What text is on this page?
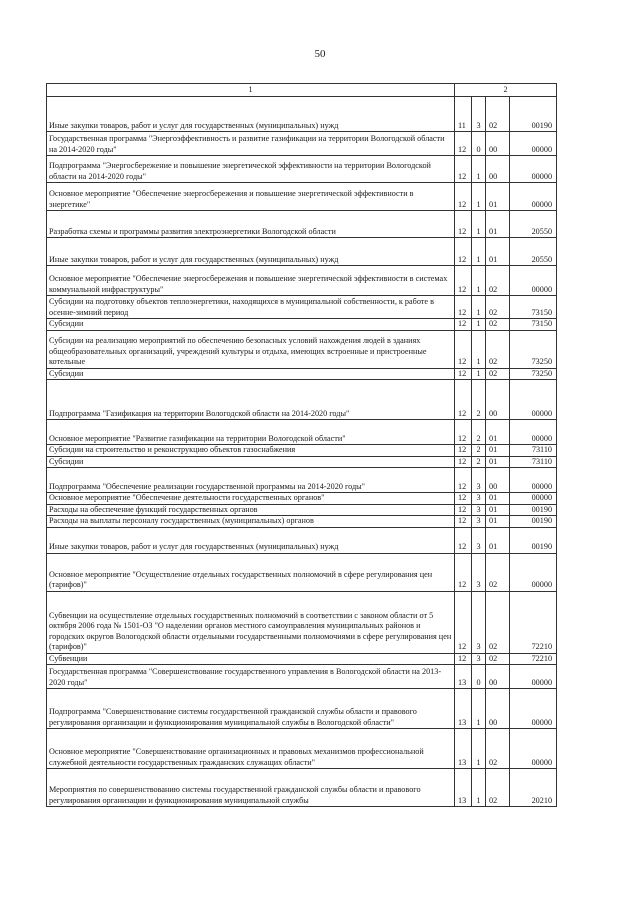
50
1	2			
Иные закупки товаров, работ и услуг для государственных (муниципальных) нужд	11	3	02	00190
Государственная программа "Энергоэффективность и развитие газификации на территории Вологодской области на 2014-2020 годы"	12	0	00	00000
Подпрограмма "Энергосбережение и повышение энергетической эффективности на территории Вологодской области на 2014-2020 годы"	12	1	00	00000
Основное мероприятие "Обеспечение энергосбережения и повышение энергетической эффективности в энергетике"	12	1	01	00000
Разработка схемы и программы развития электроэнергетики Вологодской области	12	1	01	20550
Иные закупки товаров, работ и услуг для государственных (муниципальных) нужд	12	1	01	20550
Основное мероприятие "Обеспечение энергосбережения и повышение энергетической эффективности в системах коммунальной инфраструктуры"	12	1	02	00000
Субсидии на подготовку объектов теплоэнергетики, находящихся в муниципальной собственности, к работе в осенне-зимний период	12	1	02	73150
Субсидии	12	1	02	73150
Субсидии на реализацию мероприятий по обеспечению безопасных условий нахождения людей в зданиях общеобразовательных организаций, учреждений культуры и отдыха, имеющих встроенные и пристроенные котельные	12	1	02	73250
Субсидии	12	1	02	73250
Подпрограмма "Газификация на территории Вологодской области на 2014-2020 годы"	12	2	00	00000
Основное мероприятие "Развитие газификации на территории Вологодской области"	12	2	01	00000
Субсидии на строительство и реконструкцию объектов газоснабжения	12	2	01	73110
Субсидии	12	2	01	73110
Подпрограмма "Обеспечение реализации государственной программы на 2014-2020 годы"	12	3	00	00000
Основное мероприятие "Обеспечение деятельности государственных органов"	12	3	01	00000
Расходы на обеспечение функций государственных органов	12	3	01	00190
Расходы на выплаты персоналу государственных (муниципальных) органов	12	3	01	00190
Иные закупки товаров, работ и услуг для государственных (муниципальных) нужд	12	3	01	00190
Основное мероприятие "Осуществление отдельных государственных полномочий в сфере регулирования цен (тарифов)"	12	3	02	00000
Субвенции на осуществление отдельных государственных полномочий в соответствии с законом области от 5 октября 2006 года № 1501-ОЗ "О наделении органов местного самоуправления муниципальных районов и городских округов Вологодской области отдельными государственными полномочиями в сфере регулирования цен (тарифов)"	12	3	02	72210
Субвенции	12	3	02	72210
Государственная программа "Совершенствование государственного управления в Вологодской области на 2013-2020 годы"	13	0	00	00000
Подпрограмма "Совершенствование системы государственной гражданской службы области и правового регулирования организации и функционирования муниципальной службы в Вологодской области"	13	1	00	00000
Основное мероприятие "Совершенствование организационных и правовых механизмов профессиональной служебной деятельности государственных гражданских служащих области"	13	1	02	00000
Мероприятия по совершенствованию системы государственной гражданской службы области и правового регулирования организации и функционирования муниципальной службы	13	1	02	20210
